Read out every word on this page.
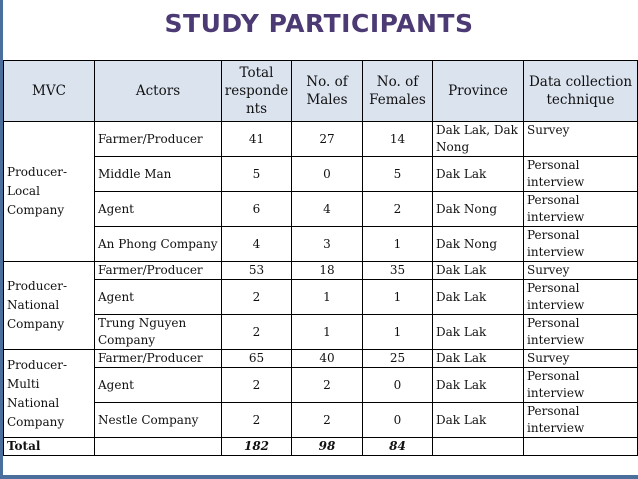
STUDY PARTICIPANTS
MVC	Actors	Total responde nts	No. of Males	No. of Females	Province	Data collection technique
Producer-Local Company	Farmer/Producer	41	27	14	Dak Lak, Dak Nong	Survey
	Middle Man	5	0	5	Dak Lak	Personal interview
	Agent	6	4	2	Dak Nong	Personal interview
	An Phong Company	4	3	1	Dak Nong	Personal interview
Producer-National Company	Farmer/Producer	53	18	35	Dak Lak	Survey
	Agent	2	1	1	Dak Lak	Personal interview
	Trung Nguyen Company	2	1	1	Dak Lak	Personal interview
Producer-Multi National Company	Farmer/Producer	65	40	25	Dak Lak	Survey
	Agent	2	2	0	Dak Lak	Personal interview
	Nestle Company	2	2	0	Dak Lak	Personal interview
Total		182	98	84		
